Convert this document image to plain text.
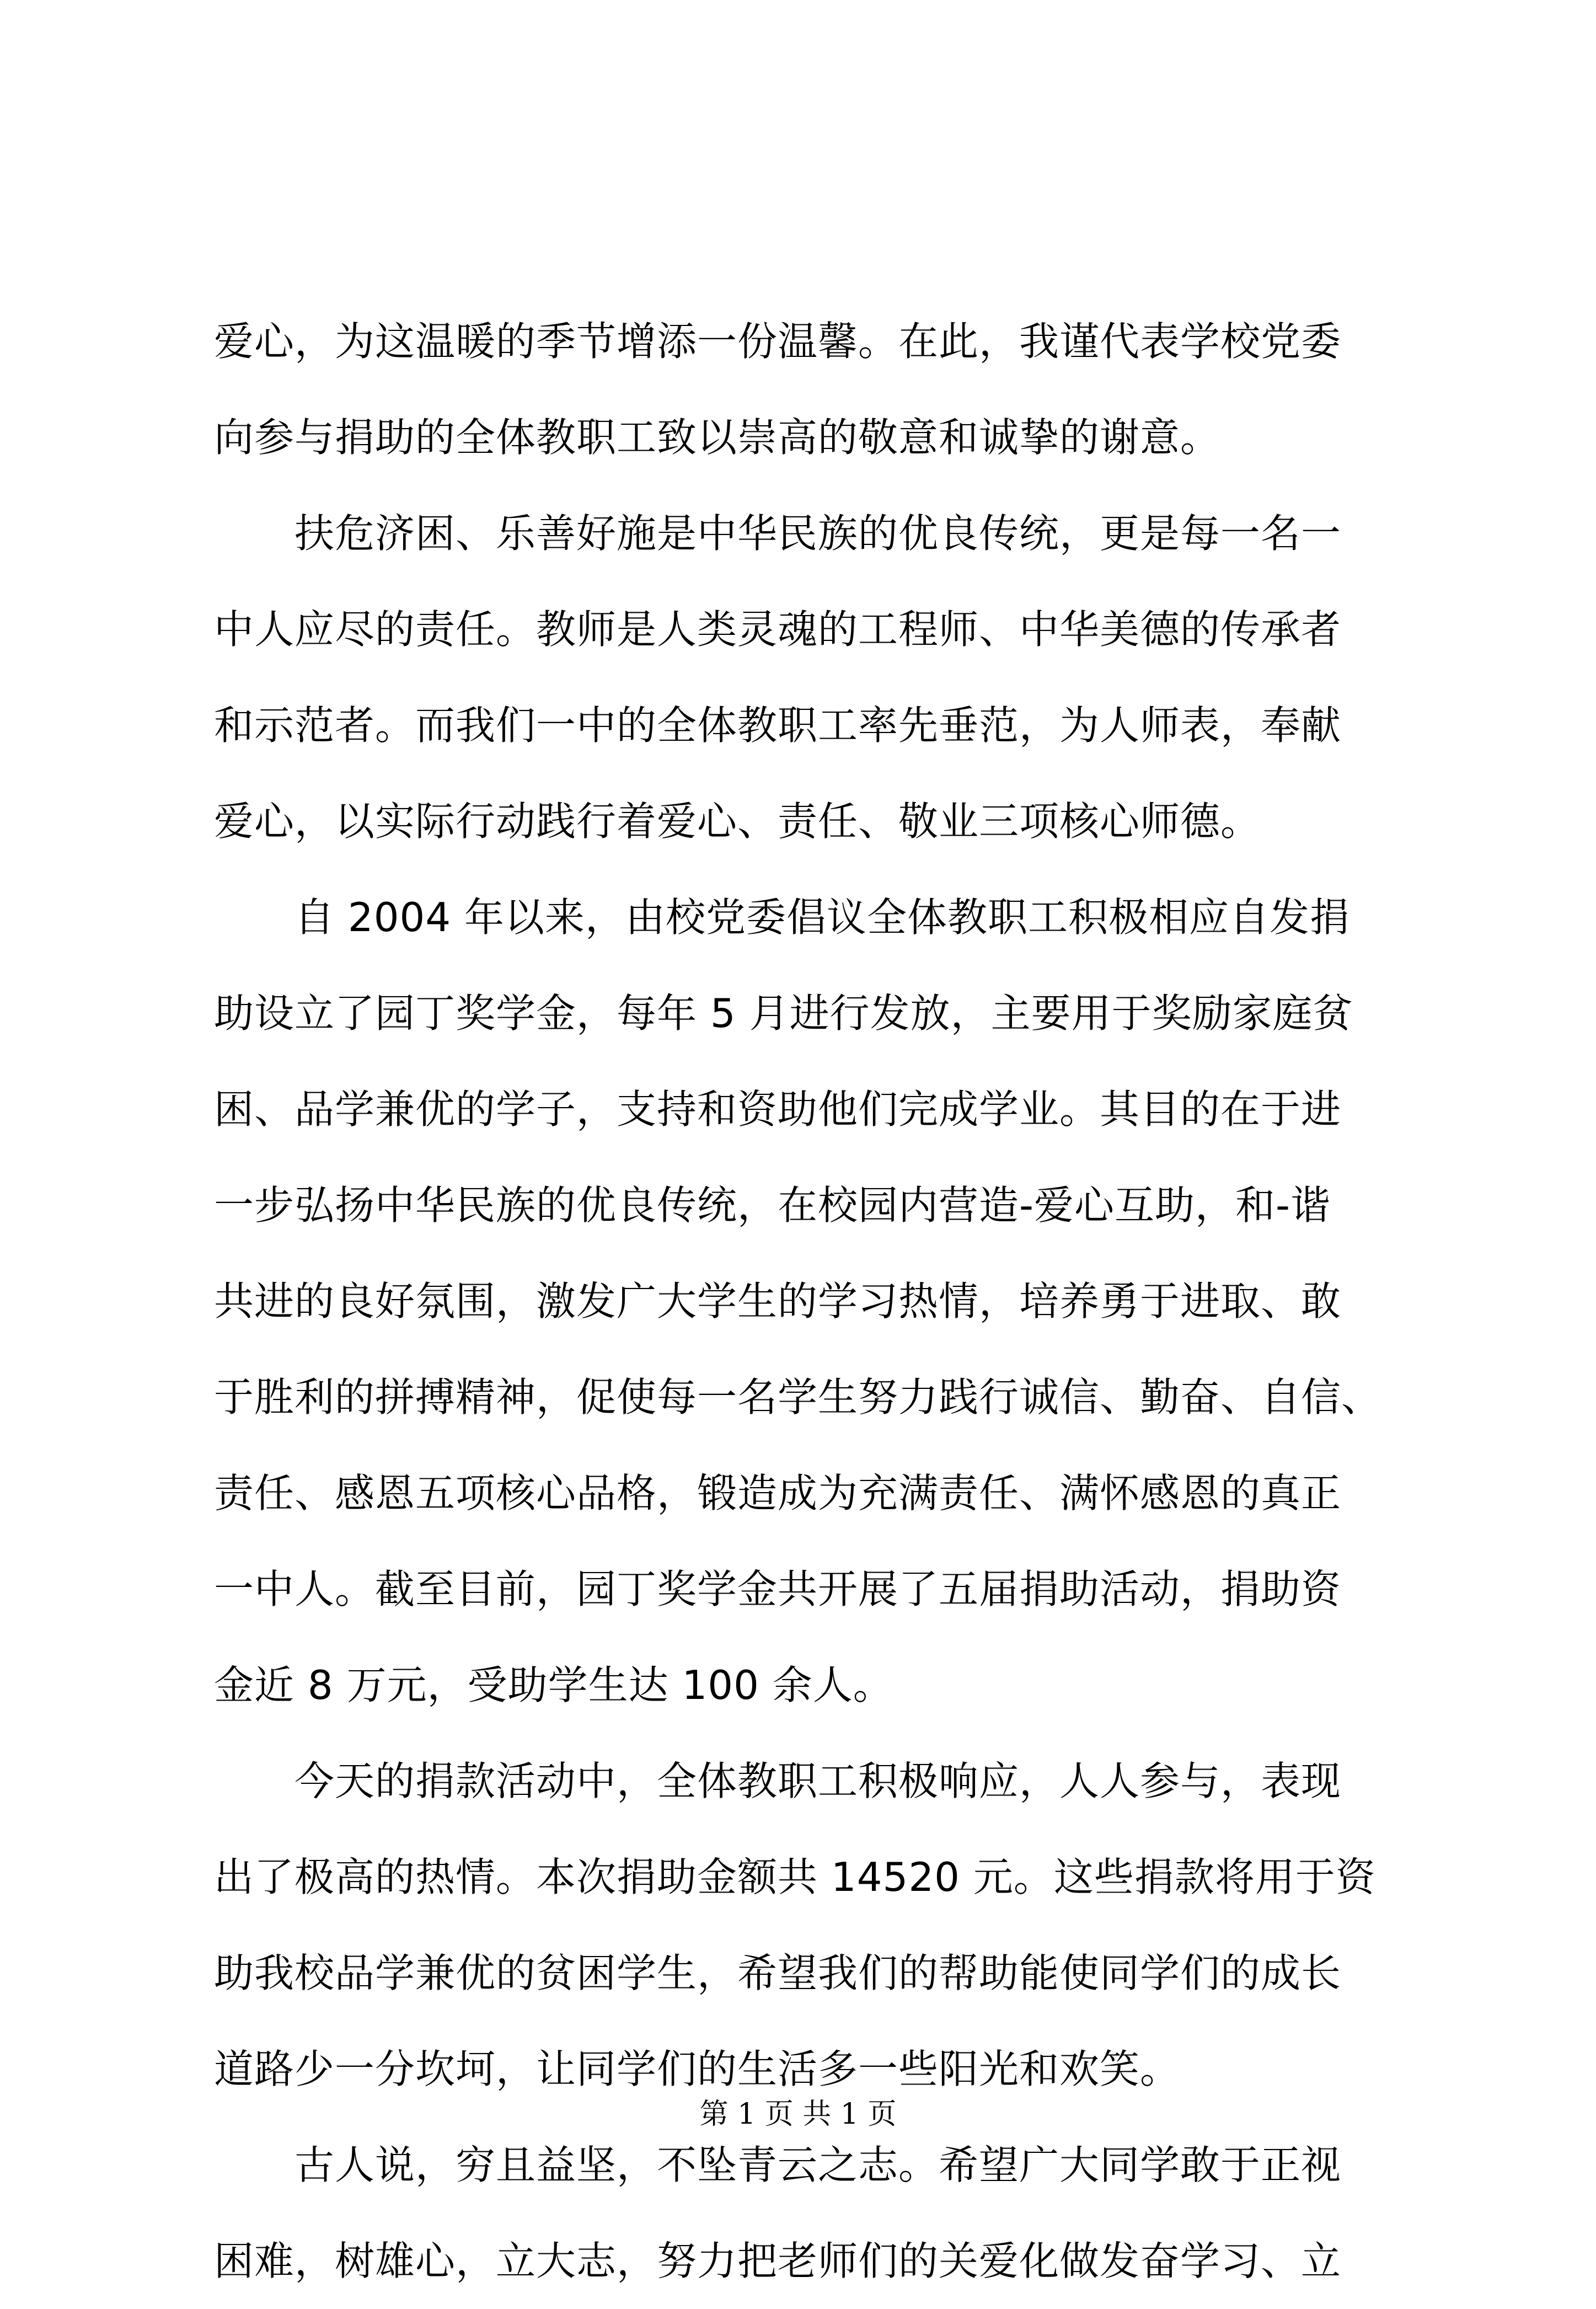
爱心，为这温暖的季节增添一份温馨。在此，我谨代表学校党委
向参与捐助的全体教职工致以崇高的敬意和诚挚的谢意。
　　扶危济困、乐善好施是中华民族的优良传统，更是每一名一
中人应尽的责任。教师是人类灵魂的工程师、中华美德的传承者
和示范者。而我们一中的全体教职工率先垂范，为人师表，奉献
爱心，以实际行动践行着爱心、责任、敬业三项核心师德。
　　自 2004 年以来，由校党委倡议全体教职工积极相应自发捐
助设立了园丁奖学金，每年 5 月进行发放，主要用于奖励家庭贫
困、品学兼优的学子，支持和资助他们完成学业。其目的在于进
一步弘扬中华民族的优良传统，在校园内营造-爱心互助，和-谐
共进的良好氛围，激发广大学生的学习热情，培养勇于进取、敢
于胜利的拼搏精神，促使每一名学生努力践行诚信、勤奋、自信、
责任、感恩五项核心品格，锻造成为充满责任、满怀感恩的真正
一中人。截至目前，园丁奖学金共开展了五届捐助活动，捐助资
金近 8 万元，受助学生达 100 余人。
　　今天的捐款活动中，全体教职工积极响应，人人参与，表现
出了极高的热情。本次捐助金额共 14520 元。这些捐款将用于资
助我校品学兼优的贫困学生，希望我们的帮助能使同学们的成长
道路少一分坎坷，让同学们的生活多一些阳光和欢笑。
　　古人说，穷且益坚，不坠青云之志。希望广大同学敢于正视
困难，树雄心，立大志，努力把老师们的关爱化做发奋学习、立
第 1 页 共 1 页
